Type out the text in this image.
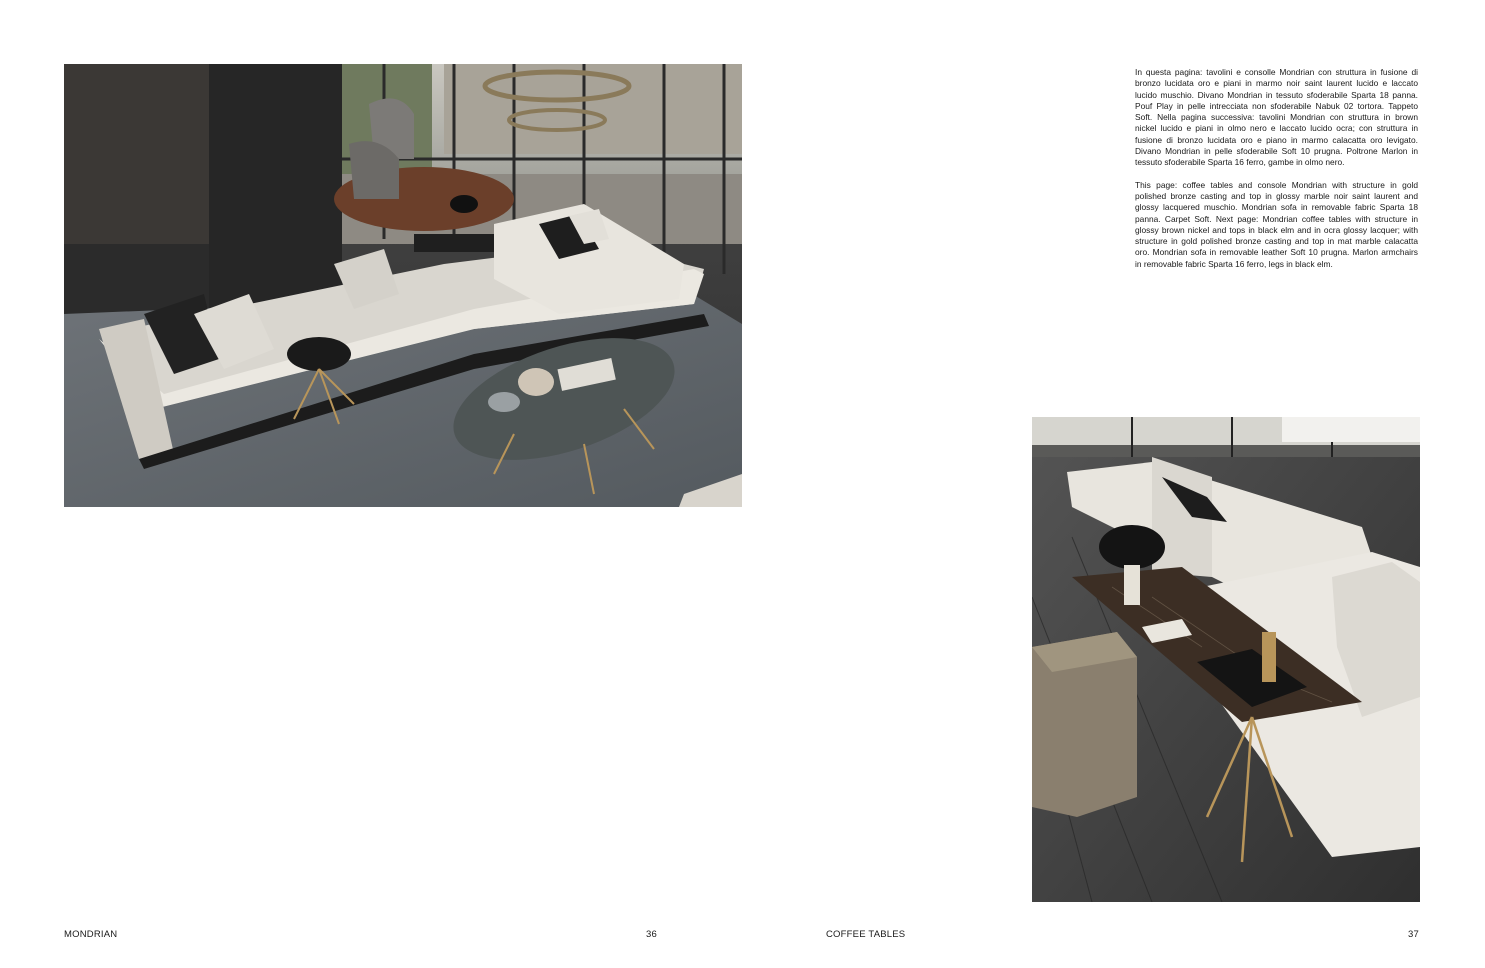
In questa pagina: tavolini e consolle Mondrian con struttura in fusione di bronzo lucidata oro e piani in marmo noir saint laurent lucido e laccato lucido muschio. Divano Mondrian in tessuto sfoderabile Sparta 18 panna. Pouf Play in pelle intrecciata non sfoderabile Nabuk 02 tortora. Tappeto Soft. Nella pagina successiva: tavolini Mondrian con struttura in brown nickel lucido e piani in olmo nero e laccato lucido ocra; con struttura in fusione di bronzo lucidata oro e piano in marmo calacatta oro levigato. Divano Mondrian in pelle sfoderabile Soft 10 prugna. Poltrone Marlon in tessuto sfoderabile Sparta 16 ferro, gambe in olmo nero.

This page: coffee tables and console Mondrian with structure in gold polished bronze casting and top in glossy marble noir saint laurent and glossy lacquered muschio. Mondrian sofa in removable fabric Sparta 18 panna. Carpet Soft. Next page: Mondrian coffee tables with structure in glossy brown nickel and tops in black elm and in ocra glossy lacquer; with structure in gold polished bronze casting and top in mat marble calacatta oro. Mondrian sofa in removable leather Soft 10 prugna. Marlon armchairs in removable fabric Sparta 16 ferro, legs in black elm.

MONDRIAN	36	COFFEE TABLES	37
